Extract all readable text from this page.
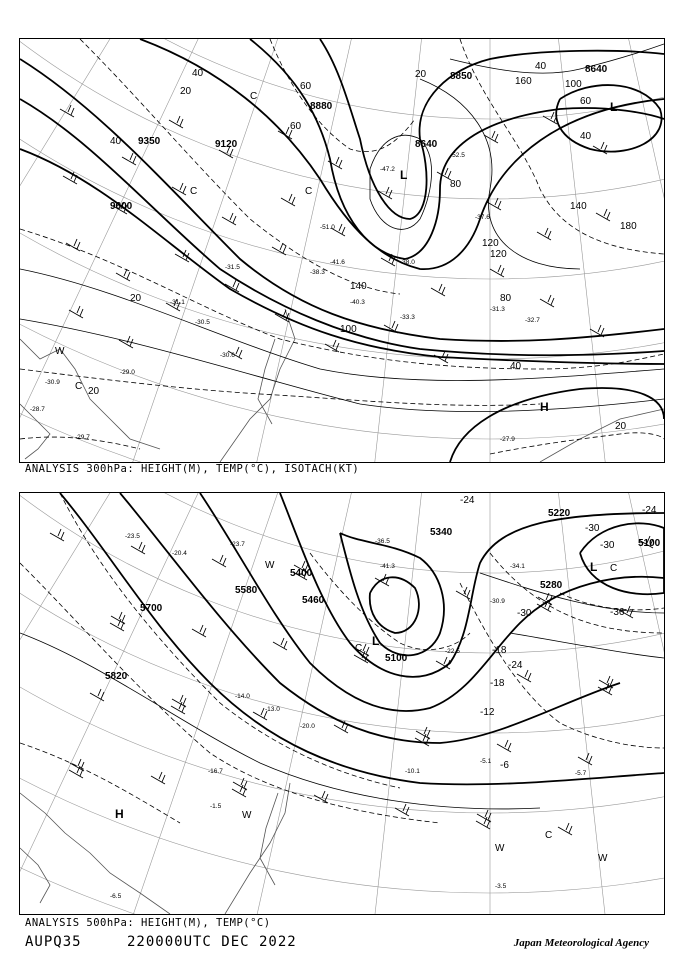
9120
9350
9600
8880
8640
8640
8850
20
40
60
80
100
120
140
160
180
40
60
80
100
120
140
20
40
20
20
40
60
40
20
L
H
L
C
C
C
C
W
-31.5
-29.0
-31.1
-30.5
-30.6
-30.9
-32.7
-27.9
-52.5
-51.0
-47.2
-38.0
-38.3
-40.3
-37.6
-33.3
-31.3
-29.7
-28.7
-41.6
ANALYSIS 300hPa: HEIGHT(M), TEMP(°C), ISOTACH(KT)
5700
5580
5400
5820
5340
5100
5220
5100
5460
5280
-24
-30
-36
-30
-24
-18
-12
-6
-18
-24
-30
L
L
H
C
C
W
W
W
C
W
-23.5
-20.4
-23.7
-16.7
-13.0
-14.0
-1.5
-5.7
-3.5
-6.5
-5.1
-10.1
-22.5
-30.9
-34.1
-41.3
-36.5
-20.0
ANALYSIS 500hPa: HEIGHT(M), TEMP(°C)
AUPQ35	220000UTC DEC 2022	Japan Meteorological Agency
